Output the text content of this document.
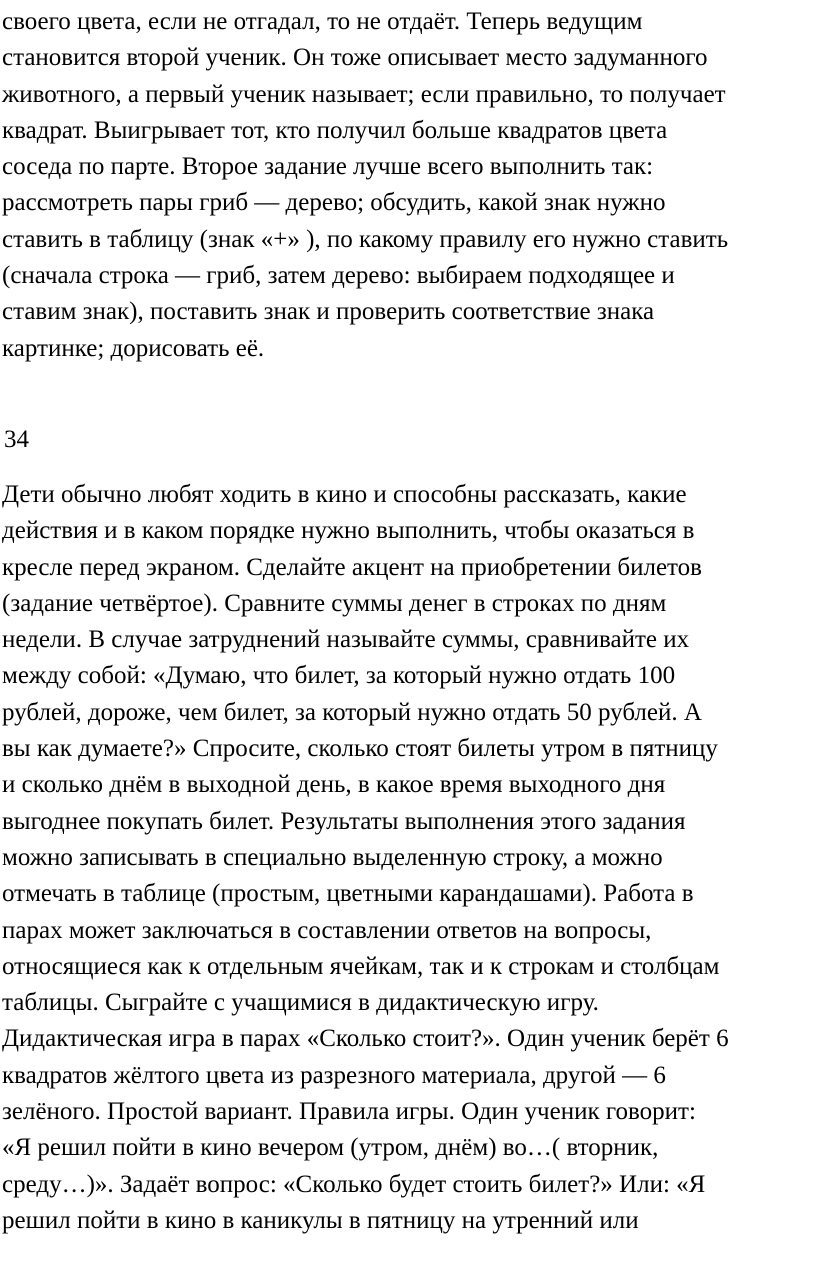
своего цвета, если не отгадал, то не отдаёт. Теперь ведущим
становится второй ученик. Он тоже описывает место задуманного
животного, а первый ученик называет; если правильно, то получает
квадрат. Выигрывает тот, кто получил больше квадратов цвета
соседа по парте. Второе задание лучше всего выполнить так:
рассмотреть пары гриб — дерево; обсудить, какой знак нужно
ставить в таблицу (знак «+» ), по какому правилу его нужно ставить
(сначала строка — гриб, затем дерево: выбираем подходящее и
ставим знак), поставить знак и проверить соответствие знака
картинке; дорисовать её.

34

Дети обычно любят ходить в кино и способны рассказать, какие
действия и в каком порядке нужно выполнить, чтобы оказаться в
кресле перед экраном. Сделайте акцент на приобретении билетов
(задание четвёртое). Сравните суммы денег в строках по дням
недели. В случае затруднений называйте суммы, сравнивайте их
между собой: «Думаю, что билет, за который нужно отдать 100
рублей, дороже, чем билет, за который нужно отдать 50 рублей. А
вы как думаете?» Спросите, сколько стоят билеты утром в пятницу
и сколько днём в выходной день, в какое время выходного дня
выгоднее покупать билет. Результаты выполнения этого задания
можно записывать в специально выделенную строку, а можно
отмечать в таблице (простым, цветными карандашами). Работа в
парах может заключаться в составлении ответов на вопросы,
относящиеся как к отдельным ячейкам, так и к строкам и столбцам
таблицы. Сыграйте с учащимися в дидактическую игру.
Дидактическая игра в парах «Сколько стоит?». Один ученик берёт 6
квадратов жёлтого цвета из разрезного материала, другой — 6
зелёного. Простой вариант. Правила игры. Один ученик говорит:
«Я решил пойти в кино вечером (утром, днём) во…( вторник,
среду…)». Задаёт вопрос: «Сколько будет стоить билет?» Или: «Я
решил пойти в кино в каникулы в пятницу на утренний или
